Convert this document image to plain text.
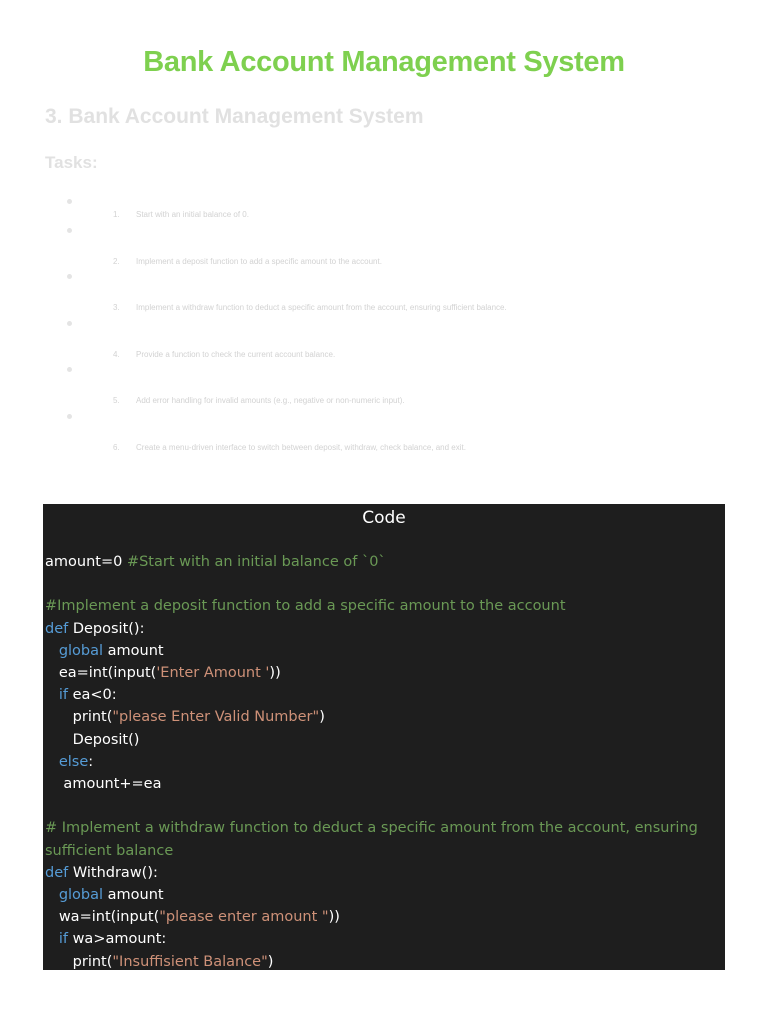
Bank Account Management System
3. Bank Account Management System
Tasks:
1. Start with an initial balance of 0.
2. Implement a deposit function to add a specific amount to the account.
3. Implement a withdraw function to deduct a specific amount from the account, ensuring sufficient balance.
4. Provide a function to check the current account balance.
5. Add error handling for invalid amounts (e.g., negative or non-numeric input).
6. Create a menu-driven interface to switch between deposit, withdraw, check balance, and exit.
Code
amount=0 #Start with an initial balance of `0`
#Implement a deposit function to add a specific amount to the account
def Deposit():
global amount
ea=int(input('Enter Amount '))
if ea<0:
print("please Enter Valid Number")
Deposit()
else:
amount+=ea
# Implement a withdraw function to deduct a specific amount from the account, ensuring
sufficient balance
def Withdraw():
global amount
wa=int(input("please enter amount "))
if wa>amount:
print("Insuffisient Balance")
